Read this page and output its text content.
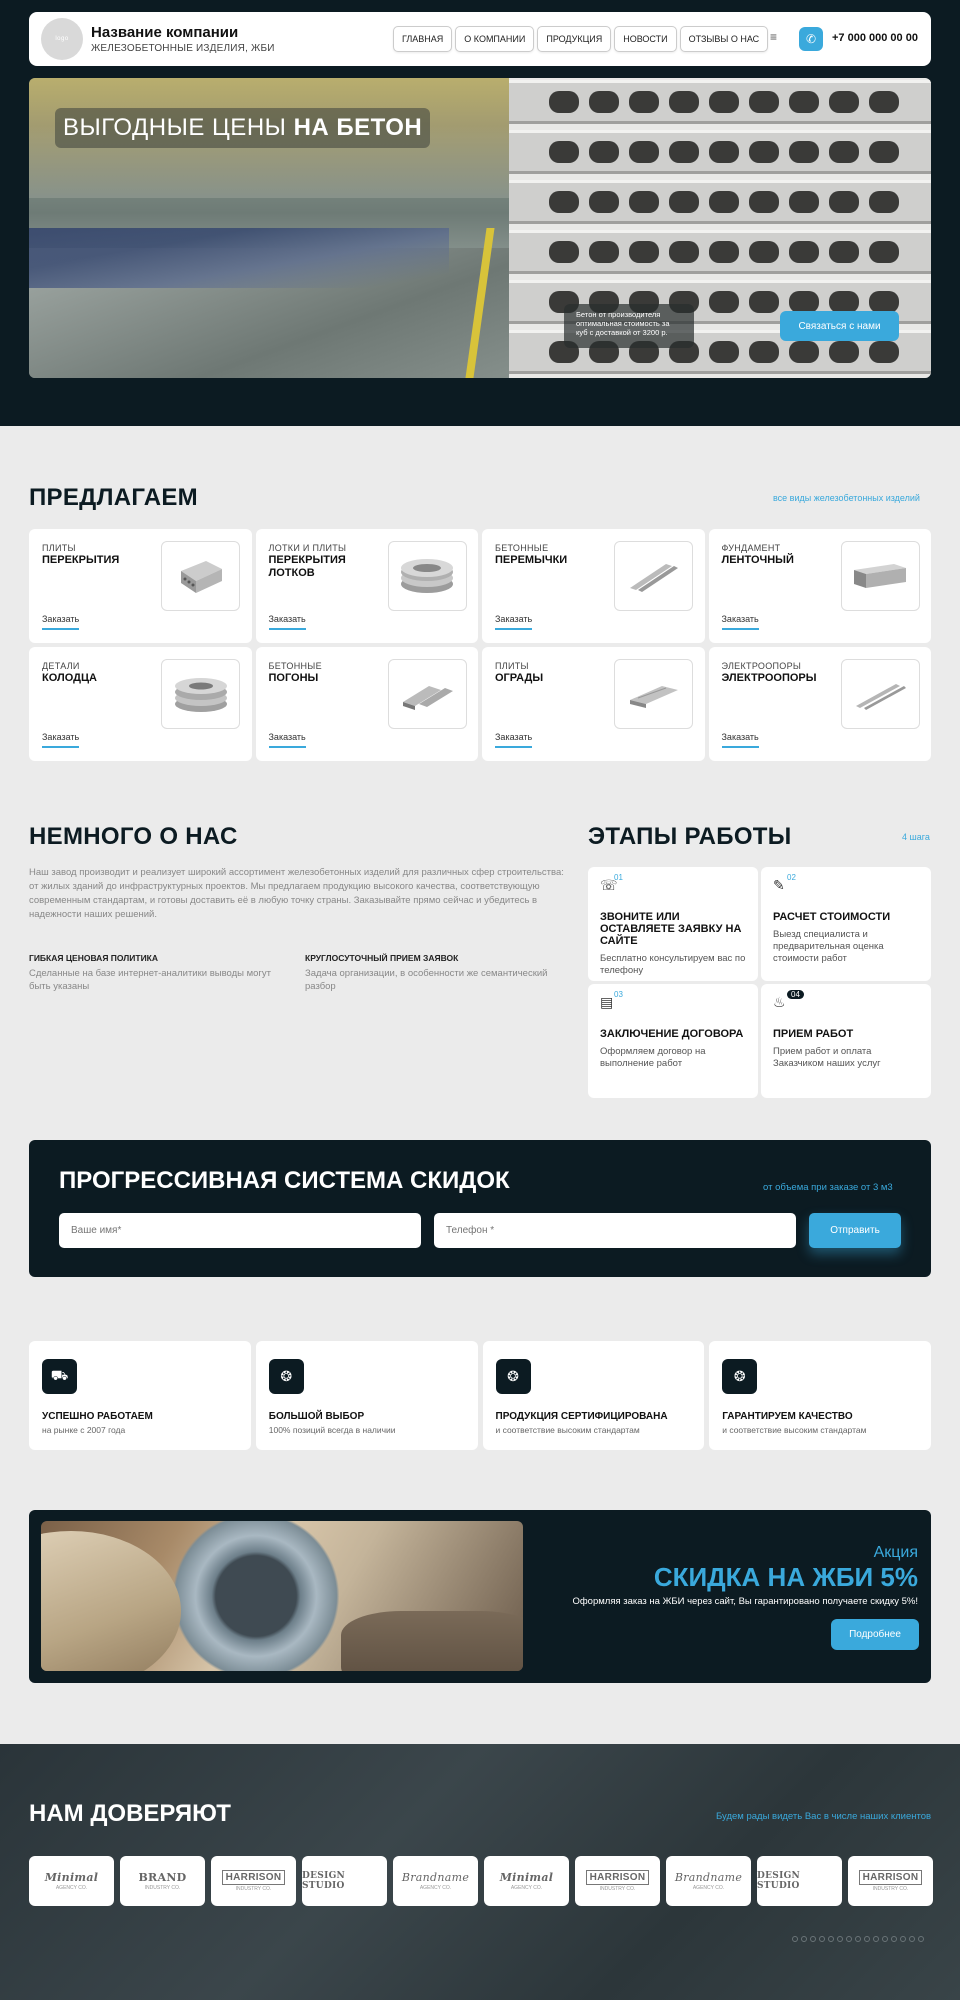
logo Название компании
ЖЕЛЕЗОБЕТОННЫЕ ИЗДЕЛИЯ, ЖБИ
ГЛАВНАЯ	О КОМПАНИИ	ПРОДУКЦИЯ	НОВОСТИ	ОТЗЫВЫ О НАС ≡	✆	+7 000 000 00 00
ВЫГОДНЫЕ ЦЕНЫ НА БЕТОН
Бетон от производителя оптимальная стоимость за куб с доставкой от 3200 р.
Связаться с нами
ПРЕДЛАГАЕМ	все виды железобетонных изделий
ПЛИТЫ
ПЕРЕКРЫТИЯ
Заказать
ЛОТКИ И ПЛИТЫ
ПЕРЕКРЫТИЯ ЛОТКОВ
Заказать
БЕТОННЫЕ
ПЕРЕМЫЧКИ
Заказать
ФУНДАМЕНТ
ЛЕНТОЧНЫЙ
Заказать
ДЕТАЛИ
КОЛОДЦА
Заказать
БЕТОННЫЕ
ПОГОНЫ
Заказать
ПЛИТЫ
ОГРАДЫ
Заказать
ЭЛЕКТРООПОРЫ
ЭЛЕКТРООПОРЫ
Заказать
НЕМНОГО О НАС
Наш завод производит и реализует широкий ассортимент железобетонных изделий для различных сфер строительства: от жилых зданий до инфраструктурных проектов. Мы предлагаем продукцию высокого качества, соответствующую современным стандартам, и готовы доставить её в любую точку страны. Заказывайте прямо сейчас и убедитесь в надежности наших решений.
ГИБКАЯ ЦЕНОВАЯ ПОЛИТИКА
Сделанные на базе интернет-аналитики выводы могут быть указаны
КРУГЛОСУТОЧНЫЙ ПРИЕМ ЗАЯВОК
Задача организации, в особенности же семантический разбор
ЭТАПЫ РАБОТЫ	4 шага
☏
01
ЗВОНИТЕ ИЛИ ОСТАВЛЯЕТЕ ЗАЯВКУ НА САЙТЕ
Бесплатно консультируем вас по телефону
✎ 02
РАСЧЕТ СТОИМОСТИ
Выезд специалиста и предварительная оценка стоимости работ
▤ 03
ЗАКЛЮЧЕНИЕ ДОГОВОРА
Оформляем договор на выполнение работ
♨ 04
ПРИЕМ РАБОТ
Прием работ и оплата Заказчиком наших услуг
ПРОГРЕССИВНАЯ СИСТЕМА СКИДОК	от объема при заказе от 3 м3
Ваше имя*
Телефон *
Отправить
⛟
УСПЕШНО РАБОТАЕМ
на рынке с 2007 года
❂
БОЛЬШОЙ ВЫБОР
100% позиций всегда в наличии
❂
ПРОДУКЦИЯ СЕРТИФИЦИРОВАНА
и соответствие высоким стандартам
❂
ГАРАНТИРУЕМ КАЧЕСТВО
и соответствие высоким стандартам
Акция
СКИДКА НА ЖБИ 5%
Оформляя заказ на ЖБИ через сайт, Вы гарантировано получаете скидку 5%!
Подробнее
НАМ ДОВЕРЯЮТ	Будем рады видеть Вас в числе наших клиентов
Minimal
AGENCY CO.
BRAND
INDUSTRY CO.
HARRISON
INDUSTRY CO.
DESIGN STUDIO
Brandname
AGENCY CO.
Minimal
AGENCY CO.
HARRISON
INDUSTRY CO.
Brandname
AGENCY CO.
DESIGN STUDIO
HARRISON
INDUSTRY CO.
